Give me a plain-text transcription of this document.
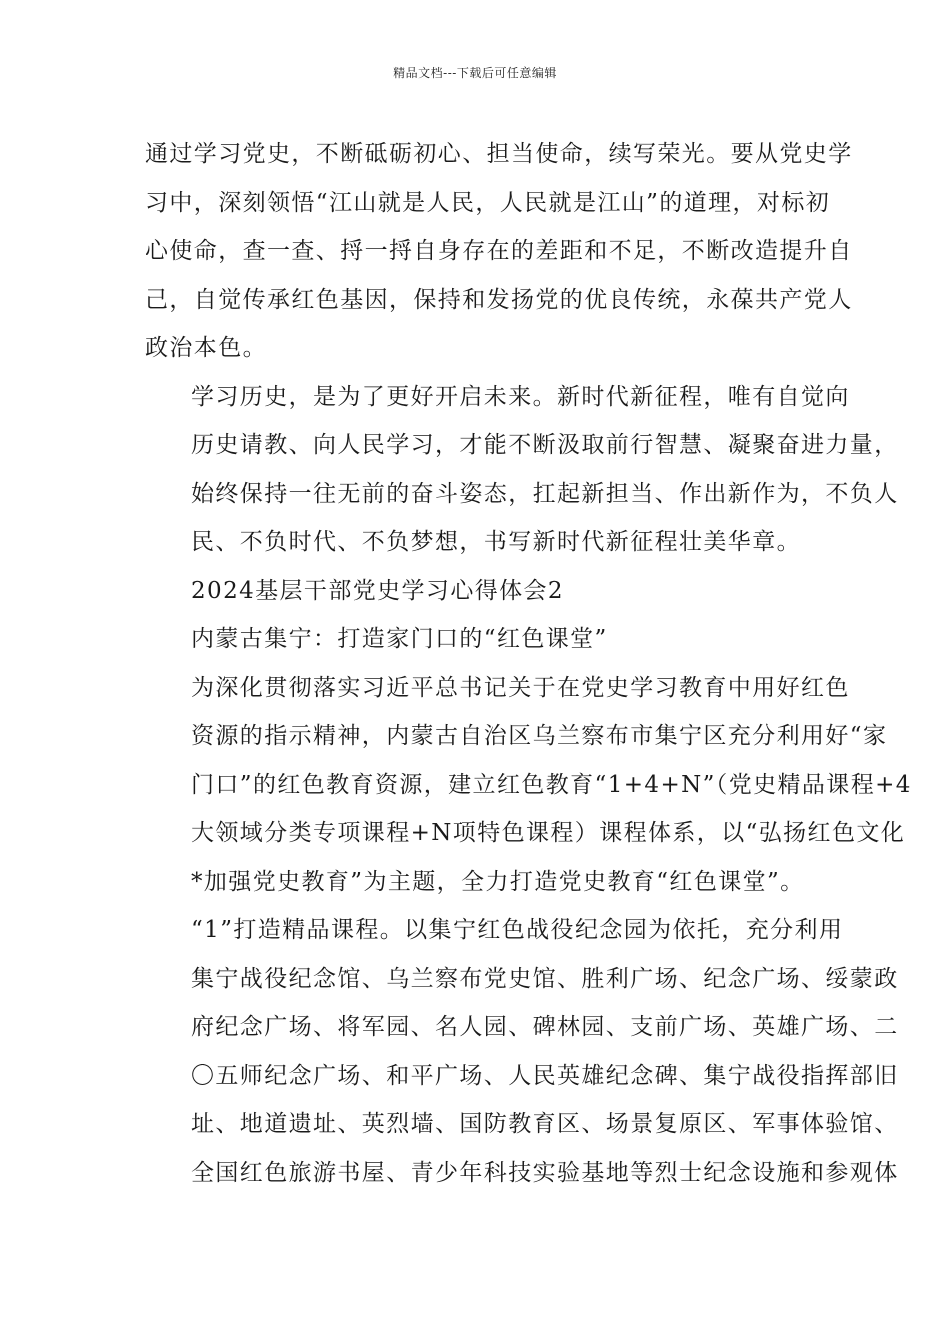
精品文档---下载后可任意编辑

通过学习党史，不断砥砺初心、担当使命，续写荣光。要从党史学
习中，深刻领悟“江山就是人民，人民就是江山”的道理，对标初
心使命，查一查、捋一捋自身存在的差距和不足，不断改造提升自
己，自觉传承红色基因，保持和发扬党的优良传统，永葆共产党人
政治本色。

学习历史，是为了更好开启未来。新时代新征程，唯有自觉向
历史请教、向人民学习，才能不断汲取前行智慧、凝聚奋进力量，
始终保持一往无前的奋斗姿态，扛起新担当、作出新作为，不负人
民、不负时代、不负梦想，书写新时代新征程壮美华章。

2024基层干部党史学习心得体会2

内蒙古集宁：打造家门口的“红色课堂”

为深化贯彻落实习近平总书记关于在党史学习教育中用好红色
资源的指示精神，内蒙古自治区乌兰察布市集宁区充分利用好“家
门口”的红色教育资源，建立红色教育“1+4+N”（党史精品课程+4
大领域分类专项课程+N项特色课程）课程体系，以“弘扬红色文化
*加强党史教育”为主题，全力打造党史教育“红色课堂”。

“1”打造精品课程。以集宁红色战役纪念园为依托，充分利用
集宁战役纪念馆、乌兰察布党史馆、胜利广场、纪念广场、绥蒙政
府纪念广场、将军园、名人园、碑林园、支前广场、英雄广场、二
〇五师纪念广场、和平广场、人民英雄纪念碑、集宁战役指挥部旧
址、地道遗址、英烈墙、国防教育区、场景复原区、军事体验馆、
全国红色旅游书屋、青少年科技实验基地等烈士纪念设施和参观体
